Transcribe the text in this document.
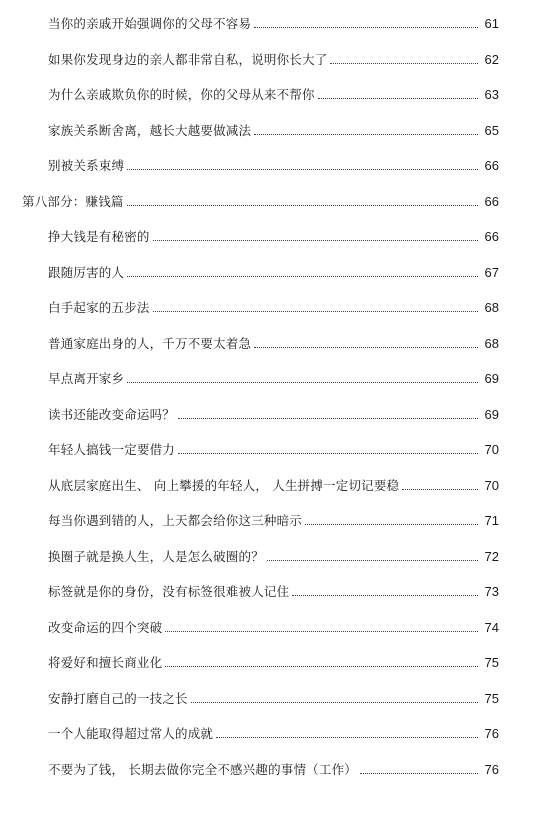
当你的亲戚开始强调你的父母不容易	61
如果你发现身边的亲人都非常自私，说明你长大了	62
为什么亲戚欺负你的时候，你的父母从来不帮你	63
家族关系断舍离，越长大越要做减法	65
别被关系束缚	66
第八部分：赚钱篇	66
挣大钱是有秘密的	66
跟随厉害的人	67
白手起家的五步法	68
普通家庭出身的人，千万不要太着急	68
早点离开家乡	69
读书还能改变命运吗？	69
年轻人搞钱一定要借力	70
从底层家庭出生、 向上攀援的年轻人， 人生拼搏一定切记要稳	70
每当你遇到错的人，上天都会给你这三种暗示	71
换圈子就是换人生，人是怎么破圈的？	72
标签就是你的身份，没有标签很难被人记住	73
改变命运的四个突破	74
将爱好和擅长商业化	75
安静打磨自己的一技之长	75
一个人能取得超过常人的成就	76
不要为了钱， 长期去做你完全不感兴趣的事情（工作）	76
